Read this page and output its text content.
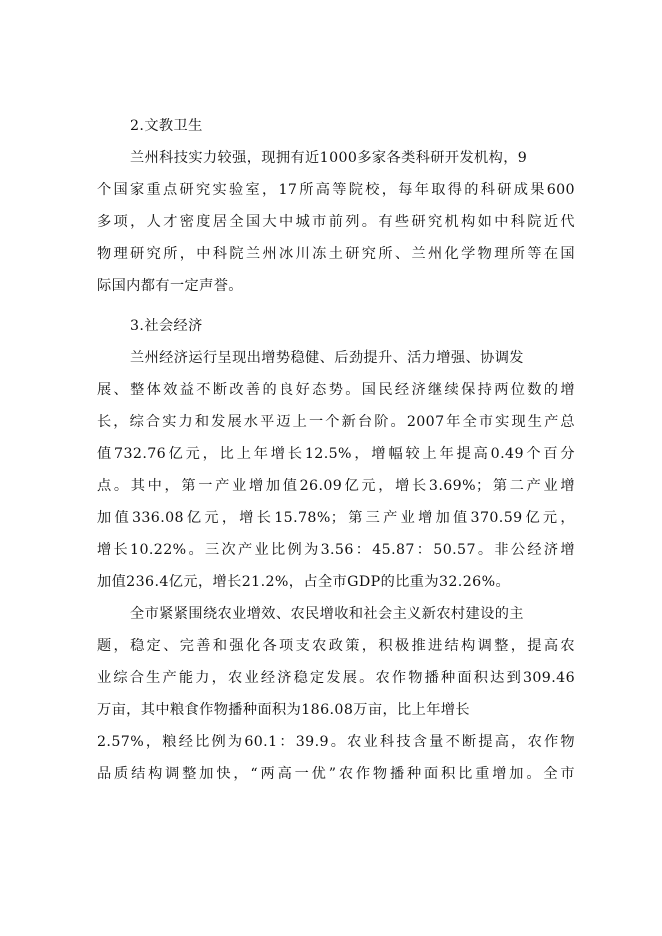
2.文教卫生
兰州科技实力较强，现拥有近1000多家各类科研开发机构，9
个国家重点研究实验室，17所高等院校，每年取得的科研成果600
多项，人才密度居全国大中城市前列。有些研究机构如中科院近代
物理研究所，中科院兰州冰川冻土研究所、兰州化学物理所等在国
际国内都有一定声誉。
3.社会经济
兰州经济运行呈现出增势稳健、后劲提升、活力增强、协调发
展、整体效益不断改善的良好态势。国民经济继续保持两位数的增
长，综合实力和发展水平迈上一个新台阶。2007年全市实现生产总
值732.76亿元，比上年增长12.5%，增幅较上年提高0.49个百分
点。其中，第一产业增加值26.09亿元，增长3.69%；第二产业增
加值336.08亿元，增长15.78%；第三产业增加值370.59亿元，
增长10.22%。三次产业比例为3.56：45.87：50.57。非公经济增
加值236.4亿元，增长21.2%，占全市GDP的比重为32.26%。
全市紧紧围绕农业增效、农民增收和社会主义新农村建设的主
题，稳定、完善和强化各项支农政策，积极推进结构调整，提高农
业综合生产能力，农业经济稳定发展。农作物播种面积达到309.46
万亩，其中粮食作物播种面积为186.08万亩，比上年增长
2.57%，粮经比例为60.1：39.9。农业科技含量不断提高，农作物
品质结构调整加快，“两高一优”农作物播种面积比重增加。全市
